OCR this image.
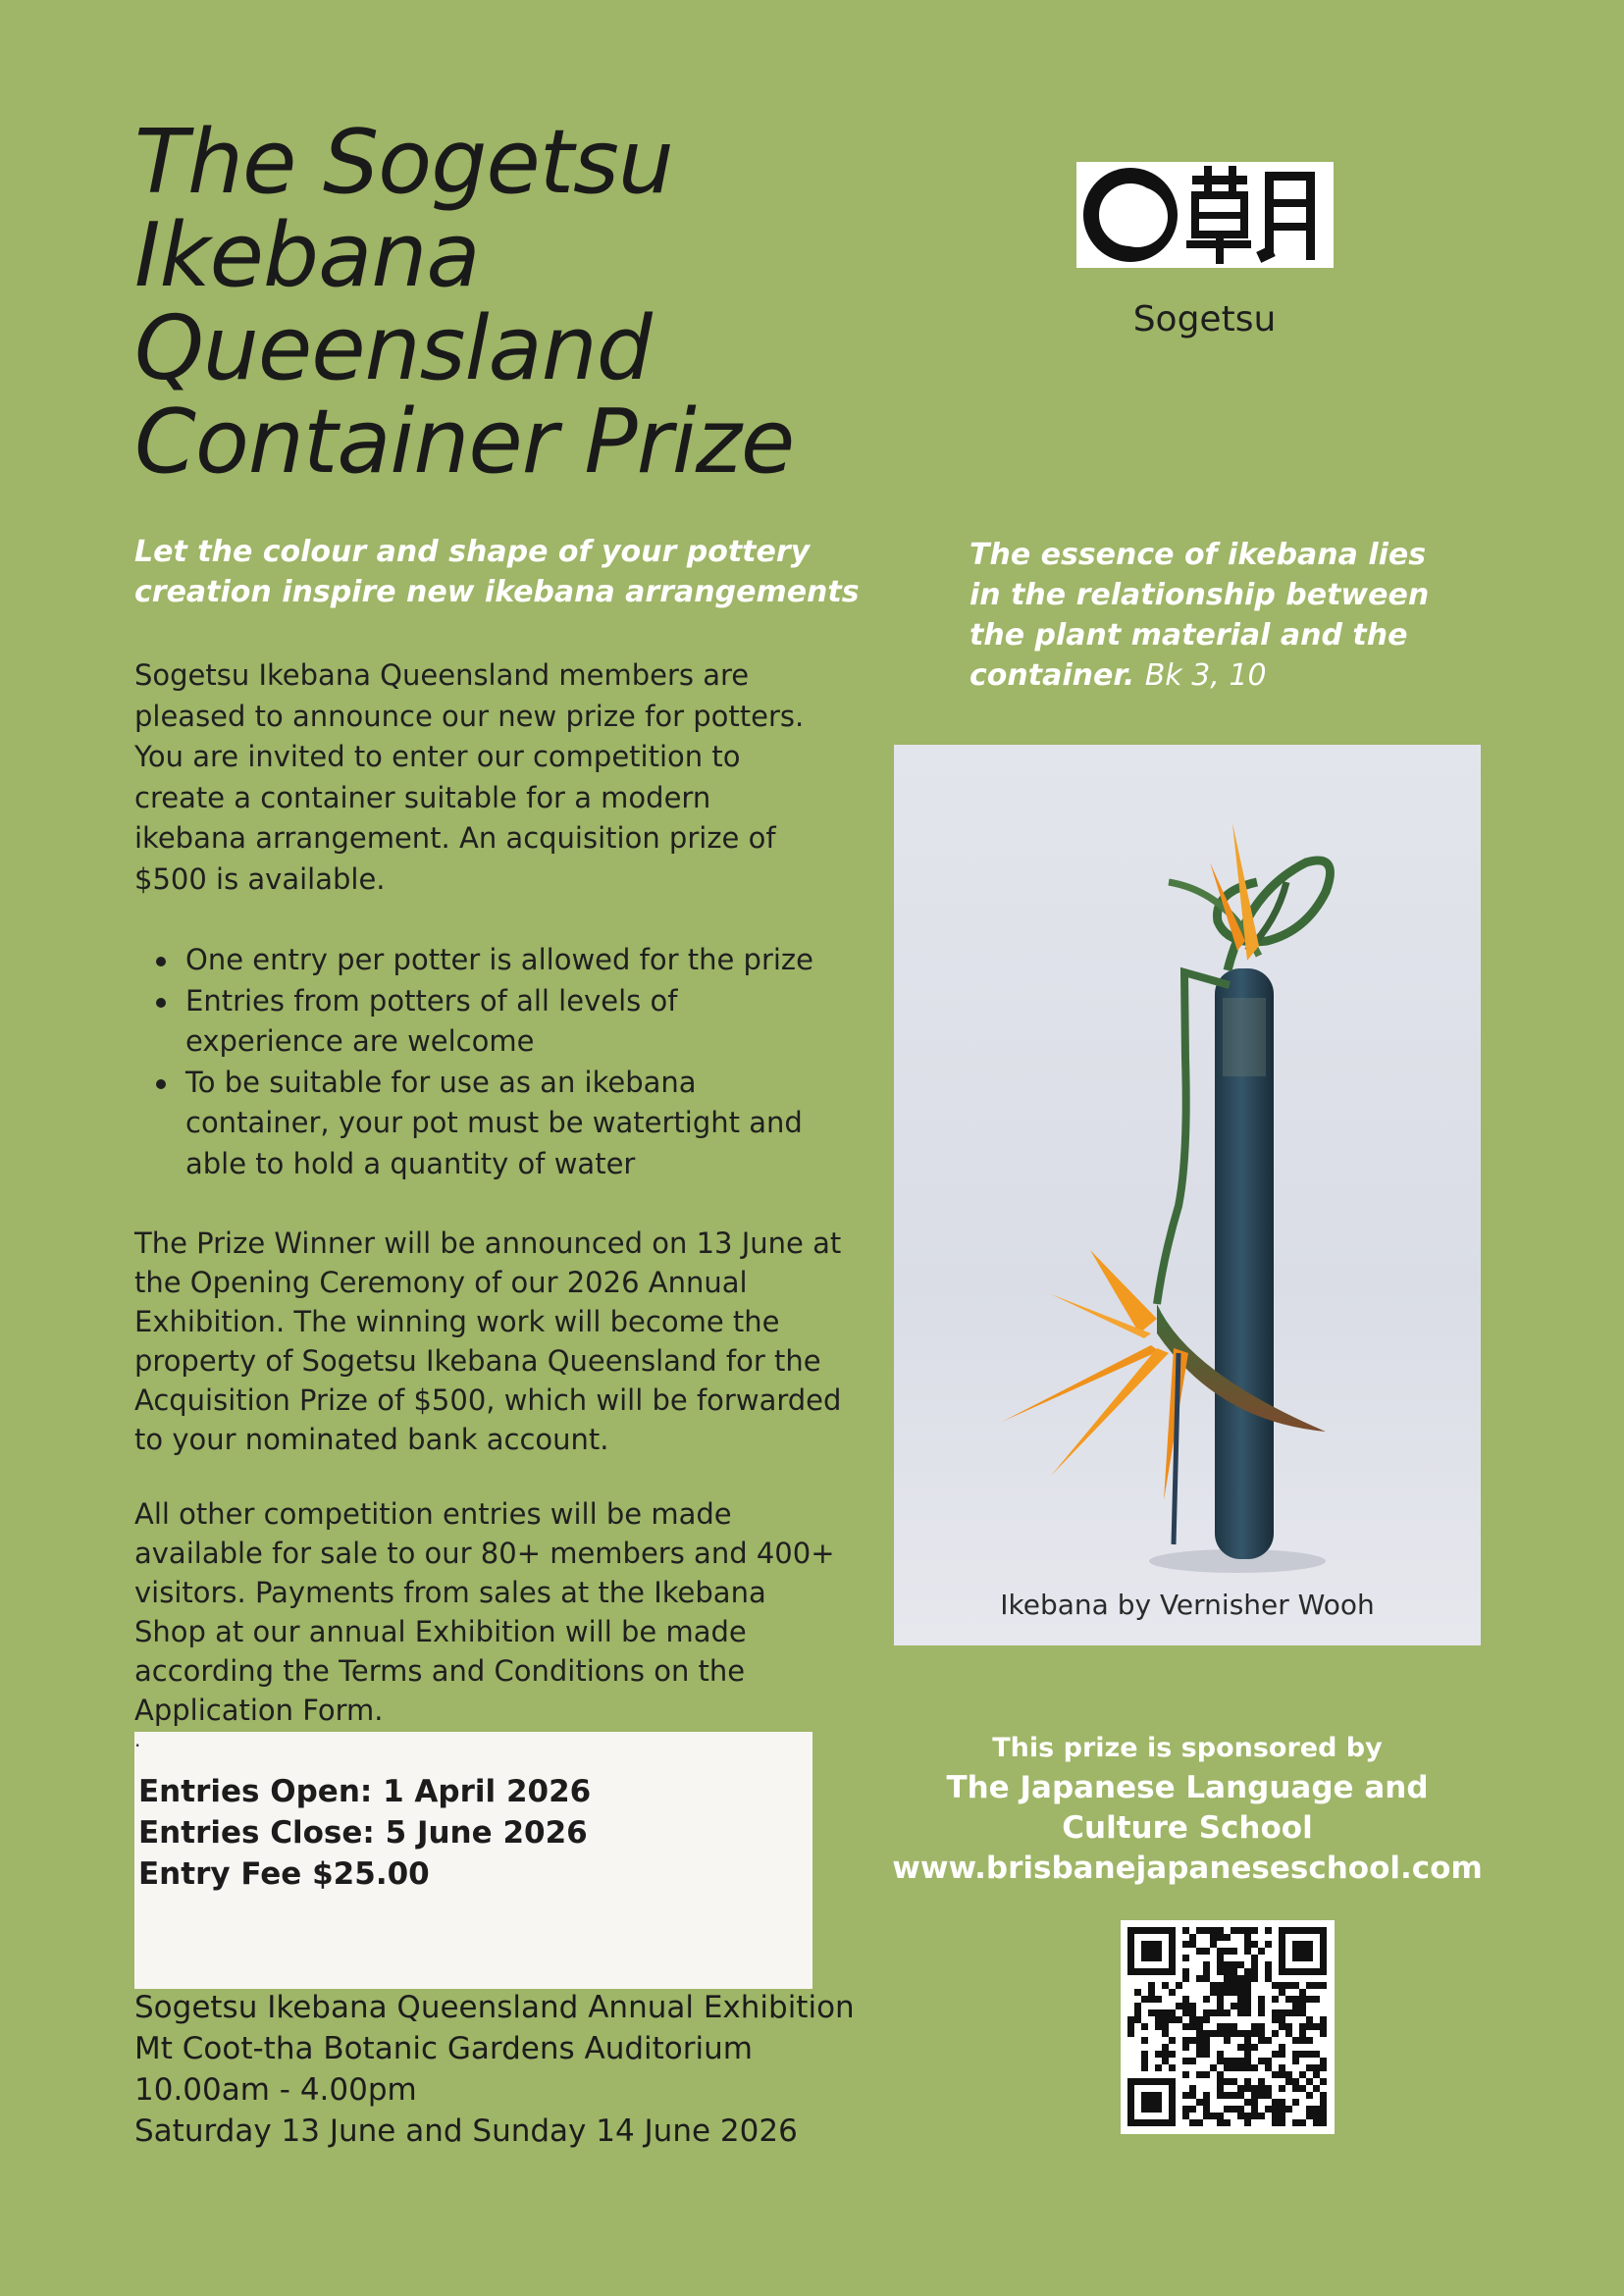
The Sogetsu
Ikebana
Queensland
Container Prize
Sogetsu
Let the colour and shape of your pottery
creation inspire new ikebana arrangements
The essence of ikebana lies
in the relationship between
the plant material and the
container. Bk 3, 10
Sogetsu Ikebana Queensland members are
pleased to announce our new prize for potters.
You are invited to enter our competition to
create a container suitable for a modern
ikebana arrangement. An acquisition prize of
$500 is available.
One entry per potter is allowed for the prize
Entries from potters of all levels of
experience are welcome
To be suitable for use as an ikebana
container, your pot must be watertight and
able to hold a quantity of water
The Prize Winner will be announced on 13 June at
the Opening Ceremony of our 2026 Annual
Exhibition. The winning work will become the
property of Sogetsu Ikebana Queensland for the
Acquisition Prize of $500, which will be forwarded
to your nominated bank account.
All other competition entries will be made
available for sale to our 80+ members and 400+
visitors. Payments from sales at the Ikebana
Shop at our annual Exhibition will be made
according the Terms and Conditions on the
Application Form.
.
Entries Open: 1 April 2026
Entries Close: 5 June 2026
Entry Fee $25.00
Sogetsu Ikebana Queensland Annual Exhibition
Mt Coot-tha Botanic Gardens Auditorium
10.00am - 4.00pm
Saturday 13 June and Sunday 14 June 2026
Ikebana by Vernisher Wooh
This prize is sponsored by
The Japanese Language and
Culture School
www.brisbanejapaneseschool.com
